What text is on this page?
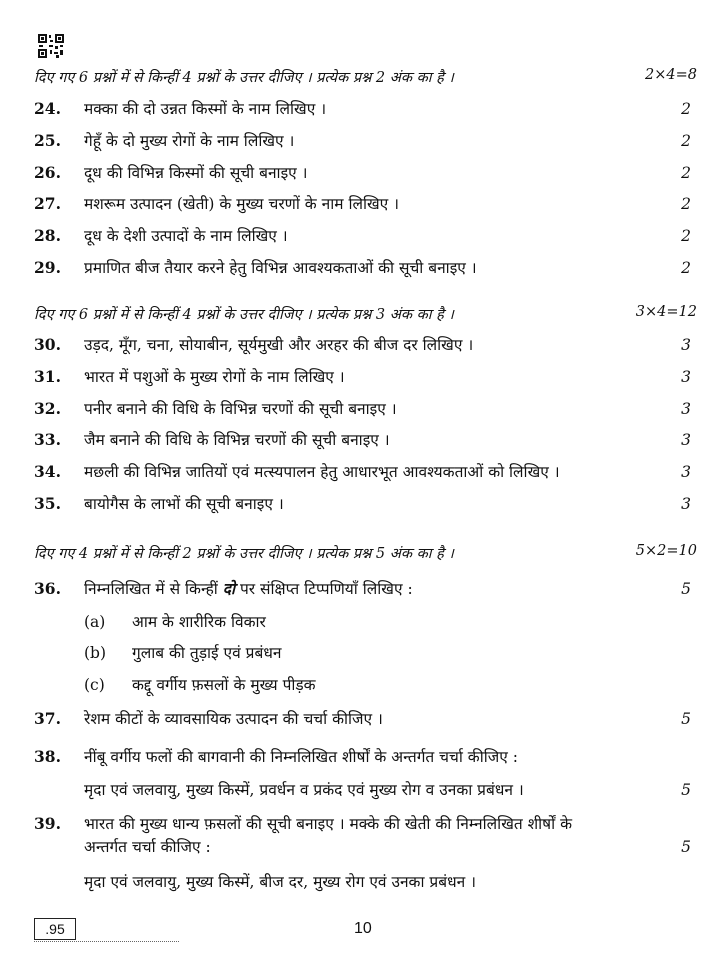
दिए गए 6 प्रश्नों में से किन्हीं 4 प्रश्नों के उत्तर दीजिए । प्रत्येक प्रश्न 2 अंक का है ।	2×4=8
24. मक्का की दो उन्नत किस्मों के नाम लिखिए ।	2
25. गेहूँ के दो मुख्य रोगों के नाम लिखिए ।	2
26. दूध की विभिन्न किस्मों की सूची बनाइए ।	2
27. मशरूम उत्पादन (खेती) के मुख्य चरणों के नाम लिखिए ।	2
28. दूध के देशी उत्पादों के नाम लिखिए ।	2
29. प्रमाणित बीज तैयार करने हेतु विभिन्न आवश्यकताओं की सूची बनाइए ।	2
दिए गए 6 प्रश्नों में से किन्हीं 4 प्रश्नों के उत्तर दीजिए । प्रत्येक प्रश्न 3 अंक का है ।	3×4=12
30. उड़द, मूँग, चना, सोयाबीन, सूर्यमुखी और अरहर की बीज दर लिखिए ।	3
31. भारत में पशुओं के मुख्य रोगों के नाम लिखिए ।	3
32. पनीर बनाने की विधि के विभिन्न चरणों की सूची बनाइए ।	3
33. जैम बनाने की विधि के विभिन्न चरणों की सूची बनाइए ।	3
34. मछली की विभिन्न जातियों एवं मत्स्यपालन हेतु आधारभूत आवश्यकताओं को लिखिए ।	3
35. बायोगैस के लाभों की सूची बनाइए ।	3
दिए गए 4 प्रश्नों में से किन्हीं 2 प्रश्नों के उत्तर दीजिए । प्रत्येक प्रश्न 5 अंक का है ।	5×2=10
36. निम्नलिखित में से किन्हीं दो पर संक्षिप्त टिप्पणियाँ लिखिए :	5
(a) आम के शारीरिक विकार
(b) गुलाब की तुड़ाई एवं प्रबंधन
(c) कद्दू वर्गीय फ़सलों के मुख्य पीड़क
37. रेशम कीटों के व्यावसायिक उत्पादन की चर्चा कीजिए ।	5
38. नींबू वर्गीय फलों की बागवानी की निम्नलिखित शीर्षों के अन्तर्गत चर्चा कीजिए :
मृदा एवं जलवायु, मुख्य किस्में, प्रवर्धन व प्रकंद एवं मुख्य रोग व उनका प्रबंधन ।	5
39. भारत की मुख्य धान्य फ़सलों की सूची बनाइए । मक्के की खेती की निम्नलिखित शीर्षों के
अन्तर्गत चर्चा कीजिए :	5
मृदा एवं जलवायु, मुख्य किस्में, बीज दर, मुख्य रोग एवं उनका प्रबंधन ।
.95	10
